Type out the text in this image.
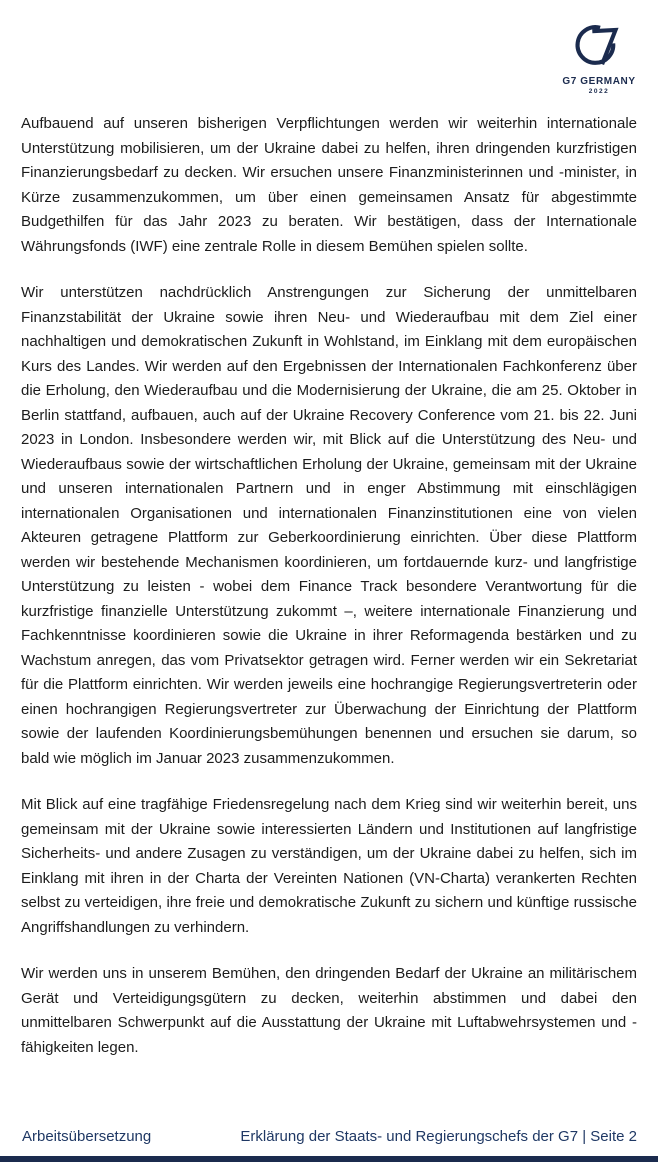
G7 GERMANY
2022

Aufbauend auf unseren bisherigen Verpflichtungen werden wir weiterhin internationale Unterstützung mobilisieren, um der Ukraine dabei zu helfen, ihren dringenden kurzfristigen Finanzierungsbedarf zu decken. Wir ersuchen unsere Finanzministerinnen und -minister, in Kürze zusammenzukommen, um über einen gemeinsamen Ansatz für abgestimmte Budgethilfen für das Jahr 2023 zu beraten. Wir bestätigen, dass der Internationale Währungsfonds (IWF) eine zentrale Rolle in diesem Bemühen spielen sollte.

Wir unterstützen nachdrücklich Anstrengungen zur Sicherung der unmittelbaren Finanzstabilität der Ukraine sowie ihren Neu- und Wiederaufbau mit dem Ziel einer nachhaltigen und demokratischen Zukunft in Wohlstand, im Einklang mit dem europäischen Kurs des Landes. Wir werden auf den Ergebnissen der Internationalen Fachkonferenz über die Erholung, den Wiederaufbau und die Modernisierung der Ukraine, die am 25. Oktober in Berlin stattfand, aufbauen, auch auf der Ukraine Recovery Conference vom 21. bis 22. Juni 2023 in London. Insbesondere werden wir, mit Blick auf die Unterstützung des Neu- und Wiederaufbaus sowie der wirtschaftlichen Erholung der Ukraine, gemeinsam mit der Ukraine und unseren internationalen Partnern und in enger Abstimmung mit einschlägigen internationalen Organisationen und internationalen Finanzinstitutionen eine von vielen Akteuren getragene Plattform zur Geberkoordinierung einrichten. Über diese Plattform werden wir bestehende Mechanismen koordinieren, um fortdauernde kurz- und langfristige Unterstützung zu leisten - wobei dem Finance Track besondere Verantwortung für die kurzfristige finanzielle Unterstützung zukommt –, weitere internationale Finanzierung und Fachkenntnisse koordinieren sowie die Ukraine in ihrer Reformagenda bestärken und zu Wachstum anregen, das vom Privatsektor getragen wird. Ferner werden wir ein Sekretariat für die Plattform einrichten. Wir werden jeweils eine hochrangige Regierungsvertreterin oder einen hochrangigen Regierungsvertreter zur Überwachung der Einrichtung der Plattform sowie der laufenden Koordinierungsbemühungen benennen und ersuchen sie darum, so bald wie möglich im Januar 2023 zusammenzukommen.

Mit Blick auf eine tragfähige Friedensregelung nach dem Krieg sind wir weiterhin bereit, uns gemeinsam mit der Ukraine sowie interessierten Ländern und Institutionen auf langfristige Sicherheits- und andere Zusagen zu verständigen, um der Ukraine dabei zu helfen, sich im Einklang mit ihren in der Charta der Vereinten Nationen (VN-Charta) verankerten Rechten selbst zu verteidigen, ihre freie und demokratische Zukunft zu sichern und künftige russische Angriffshandlungen zu verhindern.

Wir werden uns in unserem Bemühen, den dringenden Bedarf der Ukraine an militärischem Gerät und Verteidigungsgütern zu decken, weiterhin abstimmen und dabei den unmittelbaren Schwerpunkt auf die Ausstattung der Ukraine mit Luftabwehrsystemen und -fähigkeiten legen.

Arbeitsübersetzung	Erklärung der Staats- und Regierungschefs der G7 | Seite 2
